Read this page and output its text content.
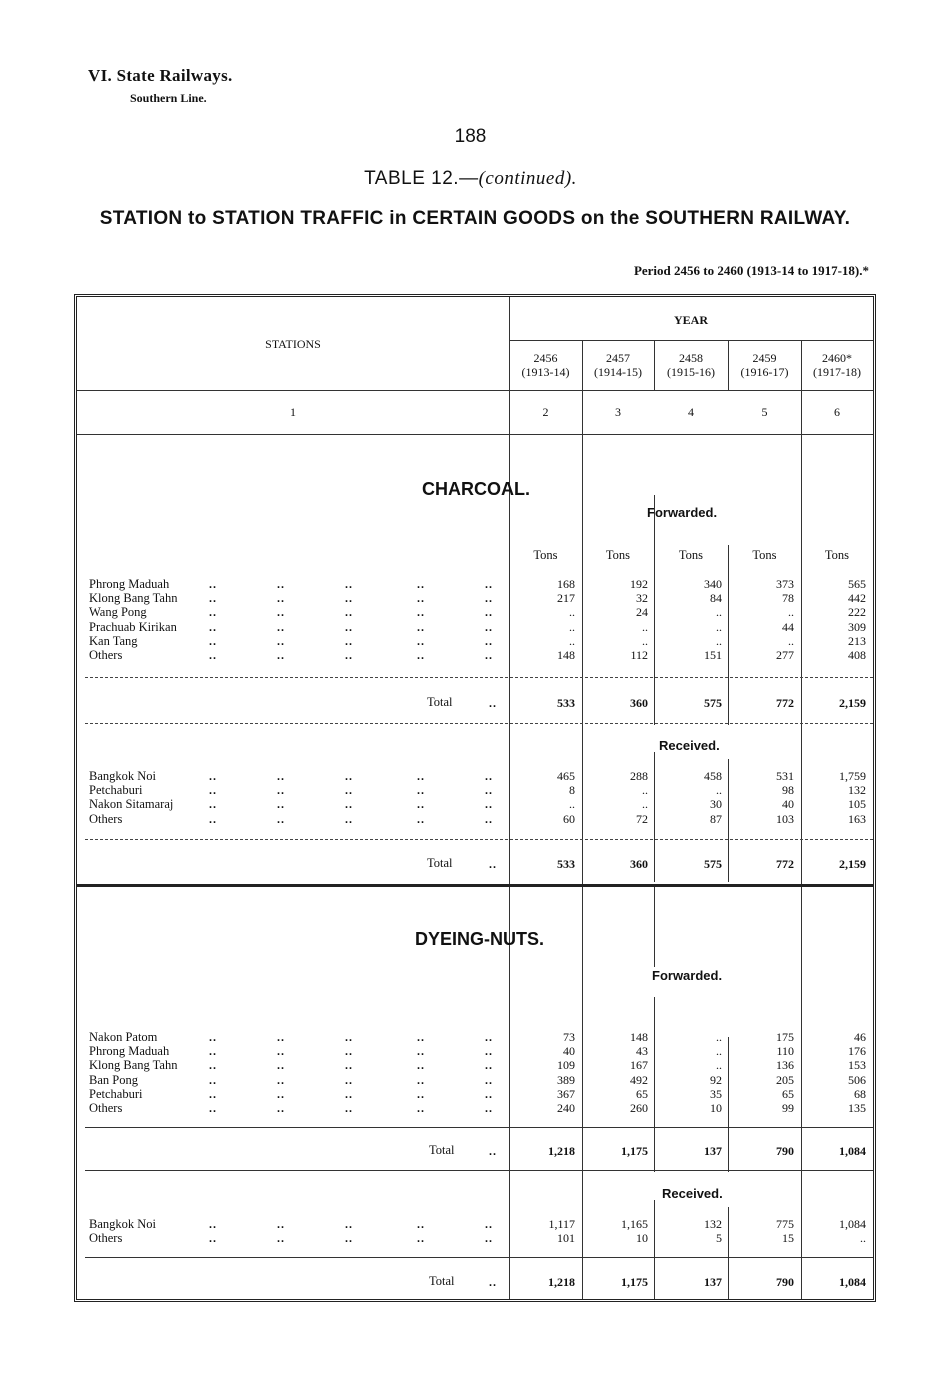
VI. State Railways.
Southern Line.
188
TABLE 12.—(continued).
STATION to STATION TRAFFIC in CERTAIN GOODS on the SOUTHERN RAILWAY.
Period 2456 to 2460 (1913-14 to 1917-18).*
STATIONS
YEAR
2456
(1913-14)
2457
(1914-15)
2458
(1915-16)
2459
(1916-17)
2460*
(1917-18)
1	2	3	4	5	6
CHARCOAL.
Forwarded.
Tons	Tons	Tons	Tons	Tons
Phrong Maduah	..	..	..	..	..	168	192	340	373	565
Klong Bang Tahn	..	..	..	..	..	217	32	84	78	442
Wang Pong	..	..	..	..	..	..	24	..	..	222
Prachuab Kirikan	..	..	..	..	..	..	..	..	44	309
Kan Tang	..	..	..	..	..	..	..	..	..	213
Others	..	..	..	..	..	148	112	151	277	408
Total	..	533	360	575	772	2,159
Received.
Bangkok Noi	..	..	..	..	..	465	288	458	531	1,759
Petchaburi	..	..	..	..	..	8	..	..	98	132
Nakon Sitamaraj	..	..	..	..	..	..	..	30	40	105
Others	..	..	..	..	..	60	72	87	103	163
Total	..	533	360	575	772	2,159
DYEING-NUTS.
Forwarded.
Nakon Patom	..	..	..	..	..	73	148	..	175	46
Phrong Maduah	..	..	..	..	..	40	43	..	110	176
Klong Bang Tahn	..	..	..	..	..	109	167	..	136	153
Ban Pong	..	..	..	..	..	389	492	92	205	506
Petchaburi	..	..	..	..	..	367	65	35	65	68
Others	..	..	..	..	..	240	260	10	99	135
Total	..	1,218	1,175	137	790	1,084
Received.
Bangkok Noi	..	..	..	..	..	1,117	1,165	132	775	1,084
Others	..	..	..	..	..	101	10	5	15	..
Total	..	1,218	1,175	137	790	1,084
